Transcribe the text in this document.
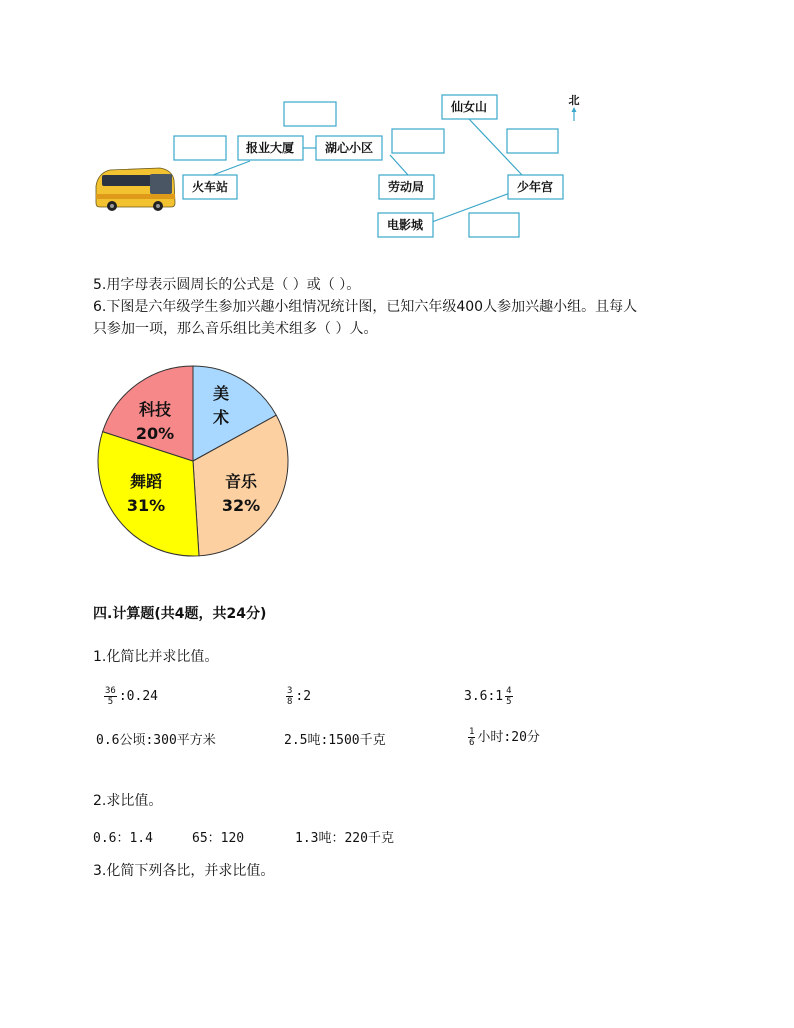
火车站
报业大厦	湖心小区
劳动局
电影城
仙女山
少年宫
北
5.用字母表示圆周长的公式是（ ）或（ ）。
6.下图是六年级学生参加兴趣小组情况统计图，已知六年级400人参加兴趣小组。且每人
只参加一项，那么音乐组比美术组多（ ）人。
美术
音乐 32%
舞蹈 31%
科技 20%
四.计算题(共4题，共24分)
1.化简比并求比值。
$\frac{36}{5}$ :0.24	$\frac{3}{8}$ :2	3.6:1 $\frac{4}{5}$
0.6公顷:300平方米	2.5吨:1500千克	$\frac{1}{6}$ 小时:20分
2.求比值。
0.6：1.4	65：120	1.3吨：220千克
3.化简下列各比，并求比值。
